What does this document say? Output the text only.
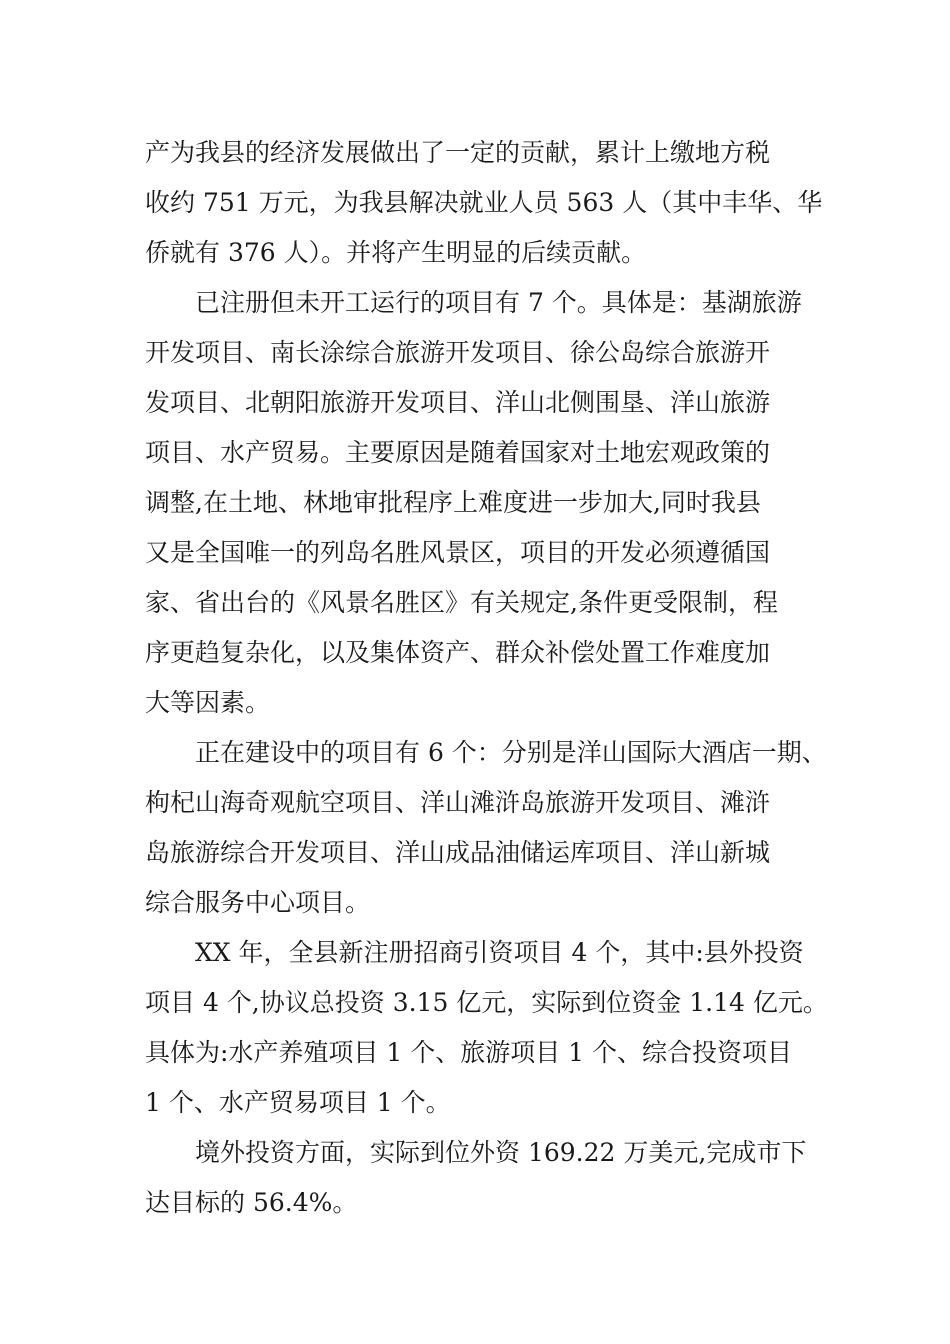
产为我县的经济发展做出了一定的贡献，累计上缴地方税
收约 751 万元，为我县解决就业人员 563 人（其中丰华、华
侨就有 376 人）。并将产生明显的后续贡献。
已注册但未开工运行的项目有 7 个。具体是：基湖旅游
开发项目、南长涂综合旅游开发项目、徐公岛综合旅游开
发项目、北朝阳旅游开发项目、洋山北侧围垦、洋山旅游
项目、水产贸易。主要原因是随着国家对土地宏观政策的
调整,在土地、林地审批程序上难度进一步加大,同时我县
又是全国唯一的列岛名胜风景区，项目的开发必须遵循国
家、省出台的《风景名胜区》有关规定,条件更受限制，程
序更趋复杂化，以及集体资产、群众补偿处置工作难度加
大等因素。
正在建设中的项目有 6 个：分别是洋山国际大酒店一期、
枸杞山海奇观航空项目、洋山滩浒岛旅游开发项目、滩浒
岛旅游综合开发项目、洋山成品油储运库项目、洋山新城
综合服务中心项目。
XX 年，全县新注册招商引资项目 4 个，其中:县外投资
项目 4 个,协议总投资 3.15 亿元，实际到位资金 1.14 亿元。
具体为:水产养殖项目 1 个、旅游项目 1 个、综合投资项目
1 个、水产贸易项目 1 个。
境外投资方面，实际到位外资 169.22 万美元,完成市下
达目标的 56.4%。
